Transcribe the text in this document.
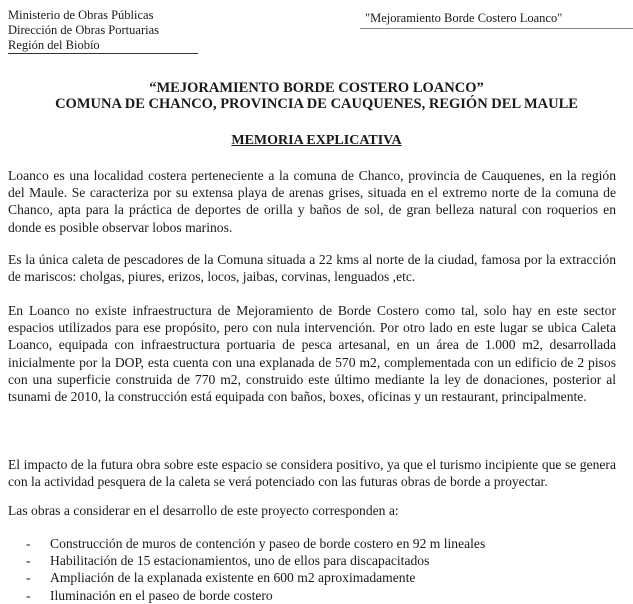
Ministerio de Obras Públicas
Dirección de Obras Portuarias
Región del Biobío
"Mejoramiento Borde Costero Loanco"
“MEJORAMIENTO BORDE COSTERO LOANCO”
COMUNA DE CHANCO, PROVINCIA DE CAUQUENES, REGIÓN DEL MAULE
MEMORIA EXPLICATIVA

Loanco es una localidad costera perteneciente a la comuna de Chanco, provincia de Cauquenes, en la región del Maule. Se caracteriza por su extensa playa de arenas grises, situada en el extremo norte de la comuna de Chanco, apta para la práctica de deportes de orilla y baños de sol, de gran belleza natural con roquerios en donde es posible observar lobos marinos.

Es la única caleta de pescadores de la Comuna situada a 22 kms al norte de la ciudad, famosa por la extracción de mariscos: cholgas, piures, erizos, locos, jaibas, corvinas, lenguados ,etc.

En Loanco no existe infraestructura de Mejoramiento de Borde Costero como tal, solo hay en este sector espacios utilizados para ese propósito, pero con nula intervención. Por otro lado en este lugar se ubica Caleta Loanco, equipada con infraestructura portuaria de pesca artesanal, en un área de 1.000 m2, desarrollada inicialmente por la DOP, esta cuenta con una explanada de 570 m2, complementada con un edificio de 2 pisos con una superficie construida de 770 m2, construido este último mediante la ley de donaciones, posterior al tsunami de 2010, la construcción está equipada con baños, boxes, oficinas y un restaurant, principalmente.

El impacto de la futura obra sobre este espacio se considera positivo, ya que el turismo incipiente que se genera con la actividad pesquera de la caleta se verá potenciado con las futuras obras de borde a proyectar.

Las obras a considerar en el desarrollo de este proyecto corresponden a:

- Construcción de muros de contención y paseo de borde costero en 92 m lineales
- Habilitación de 15 estacionamientos, uno de ellos para discapacitados
- Ampliación de la explanada existente en 600 m2 aproximadamente
- Iluminación en el paseo de borde costero
